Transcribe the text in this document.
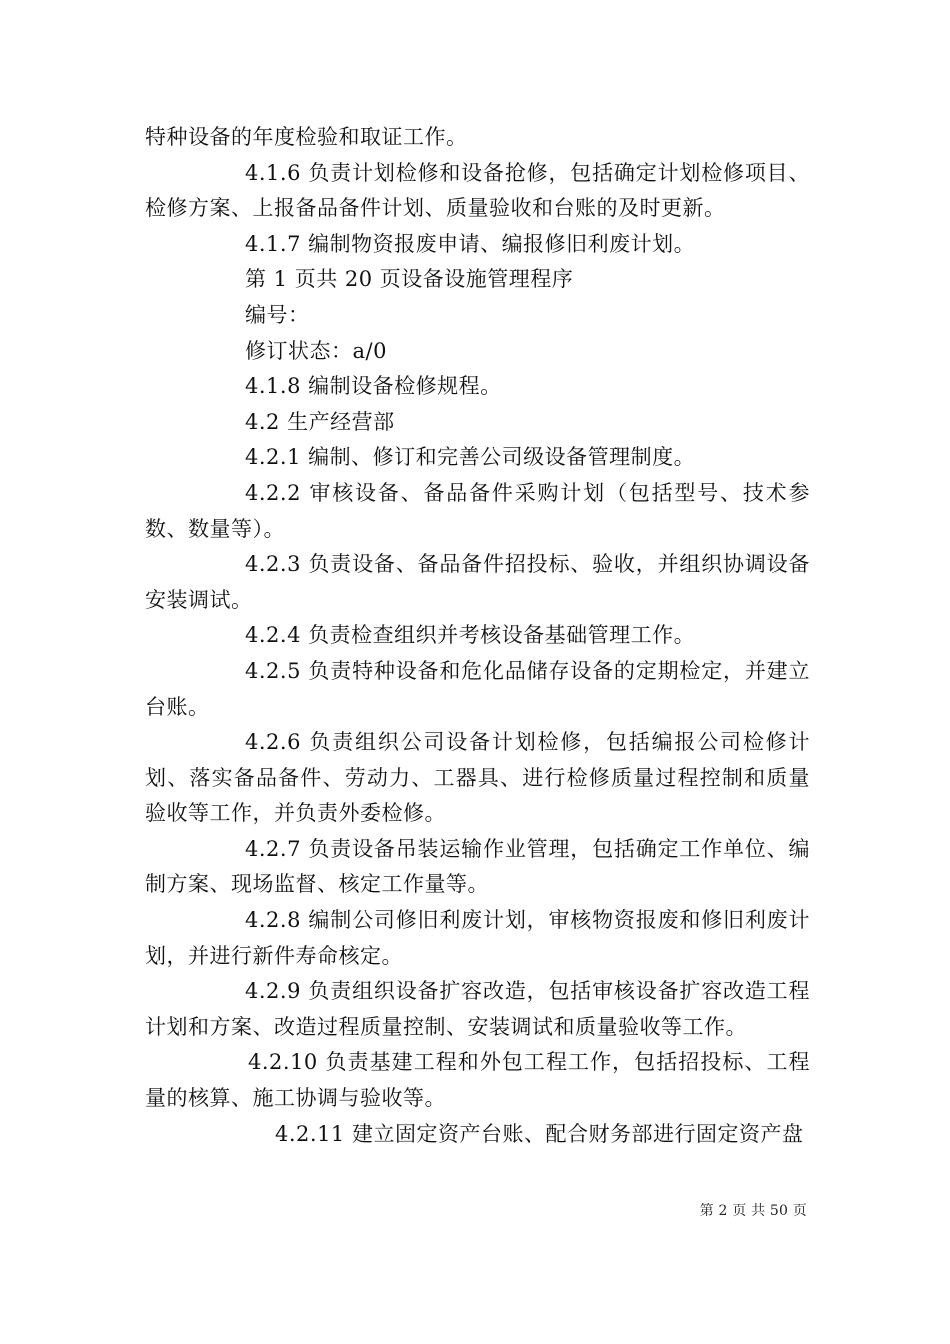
特种设备的年度检验和取证工作。

4.1.6 负责计划检修和设备抢修，包括确定计划检修项目、检修方案、上报备品备件计划、质量验收和台账的及时更新。

4.1.7 编制物资报废申请、编报修旧利废计划。

第 1 页共 20 页设备设施管理程序

编号：

修订状态：a/0

4.1.8 编制设备检修规程。

4.2 生产经营部

4.2.1 编制、修订和完善公司级设备管理制度。

4.2.2 审核设备、备品备件采购计划（包括型号、技术参数、数量等）。

4.2.3 负责设备、备品备件招投标、验收，并组织协调设备安装调试。

4.2.4 负责检查组织并考核设备基础管理工作。

4.2.5 负责特种设备和危化品储存设备的定期检定，并建立台账。

4.2.6 负责组织公司设备计划检修，包括编报公司检修计划、落实备品备件、劳动力、工器具、进行检修质量过程控制和质量验收等工作，并负责外委检修。

4.2.7 负责设备吊装运输作业管理，包括确定工作单位、编制方案、现场监督、核定工作量等。

4.2.8 编制公司修旧利废计划，审核物资报废和修旧利废计划，并进行新件寿命核定。

4.2.9 负责组织设备扩容改造，包括审核设备扩容改造工程计划和方案、改造过程质量控制、安装调试和质量验收等工作。

4.2.10 负责基建工程和外包工程工作，包括招投标、工程量的核算、施工协调与验收等。

4.2.11 建立固定资产台账、配合财务部进行固定资产盘

第 2 页 共 50 页
